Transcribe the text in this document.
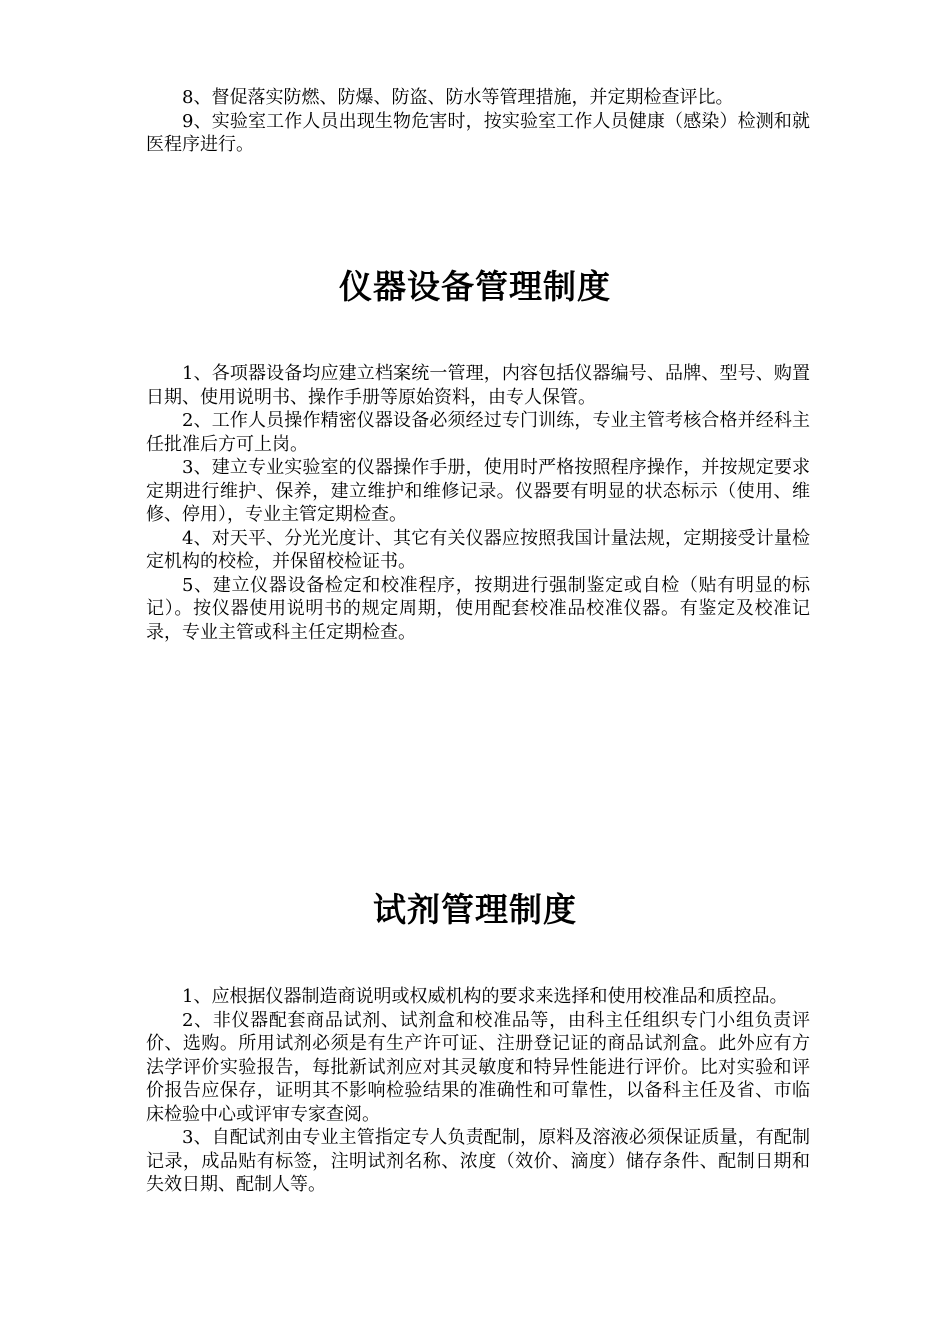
8、督促落实防燃、防爆、防盗、防水等管理措施，并定期检查评比。

9、实验室工作人员出现生物危害时，按实验室工作人员健康（感染）检测和就医程序进行。

仪器设备管理制度

1、各项器设备均应建立档案统一管理，内容包括仪器编号、品牌、型号、购置日期、使用说明书、操作手册等原始资料，由专人保管。

2、工作人员操作精密仪器设备必须经过专门训练，专业主管考核合格并经科主任批准后方可上岗。

3、建立专业实验室的仪器操作手册，使用时严格按照程序操作，并按规定要求定期进行维护、保养，建立维护和维修记录。仪器要有明显的状态标示（使用、维修、停用），专业主管定期检查。

4、对天平、分光光度计、其它有关仪器应按照我国计量法规，定期接受计量检定机构的校检，并保留校检证书。

5、建立仪器设备检定和校准程序，按期进行强制鉴定或自检（贴有明显的标记）。按仪器使用说明书的规定周期，使用配套校准品校准仪器。有鉴定及校准记录，专业主管或科主任定期检查。

试剂管理制度

1、应根据仪器制造商说明或权威机构的要求来选择和使用校准品和质控品。

2、非仪器配套商品试剂、试剂盒和校准品等，由科主任组织专门小组负责评价、选购。所用试剂必须是有生产许可证、注册登记证的商品试剂盒。此外应有方法学评价实验报告，每批新试剂应对其灵敏度和特异性能进行评价。比对实验和评价报告应保存，证明其不影响检验结果的准确性和可靠性，以备科主任及省、市临床检验中心或评审专家查阅。

3、自配试剂由专业主管指定专人负责配制，原料及溶液必须保证质量，有配制记录，成品贴有标签，注明试剂名称、浓度（效价、滴度）储存条件、配制日期和失效日期、配制人等。
